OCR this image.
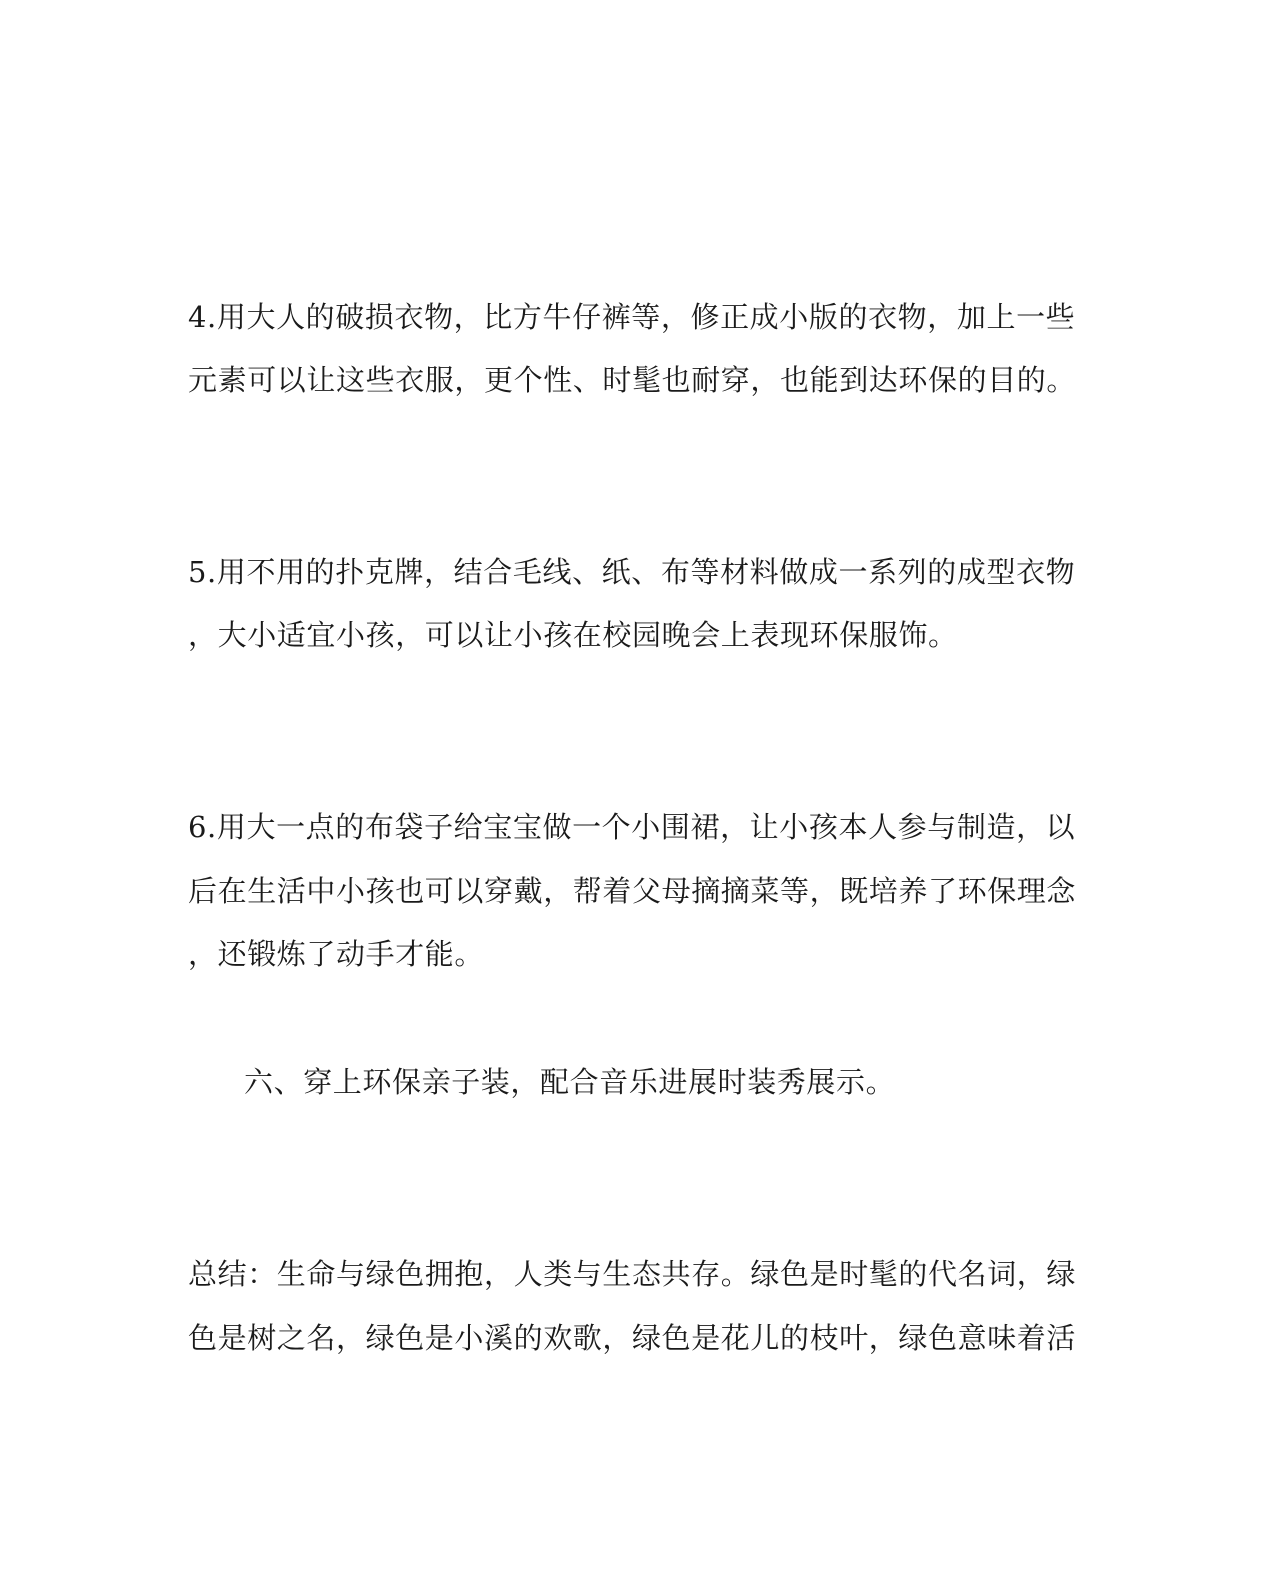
4.用大人的破损衣物，比方牛仔裤等，修正成小版的衣物，加上一些
元素可以让这些衣服，更个性、时髦也耐穿，也能到达环保的目的。
5.用不用的扑克牌，结合毛线、纸、布等材料做成一系列的成型衣物
，大小适宜小孩，可以让小孩在校园晚会上表现环保服饰。
6.用大一点的布袋子给宝宝做一个小围裙，让小孩本人参与制造，以
后在生活中小孩也可以穿戴，帮着父母摘摘菜等，既培养了环保理念
，还锻炼了动手才能。
六、穿上环保亲子装，配合音乐进展时装秀展示。
总结：生命与绿色拥抱，人类与生态共存。绿色是时髦的代名词，绿
色是树之名，绿色是小溪的欢歌，绿色是花儿的枝叶，绿色意味着活
